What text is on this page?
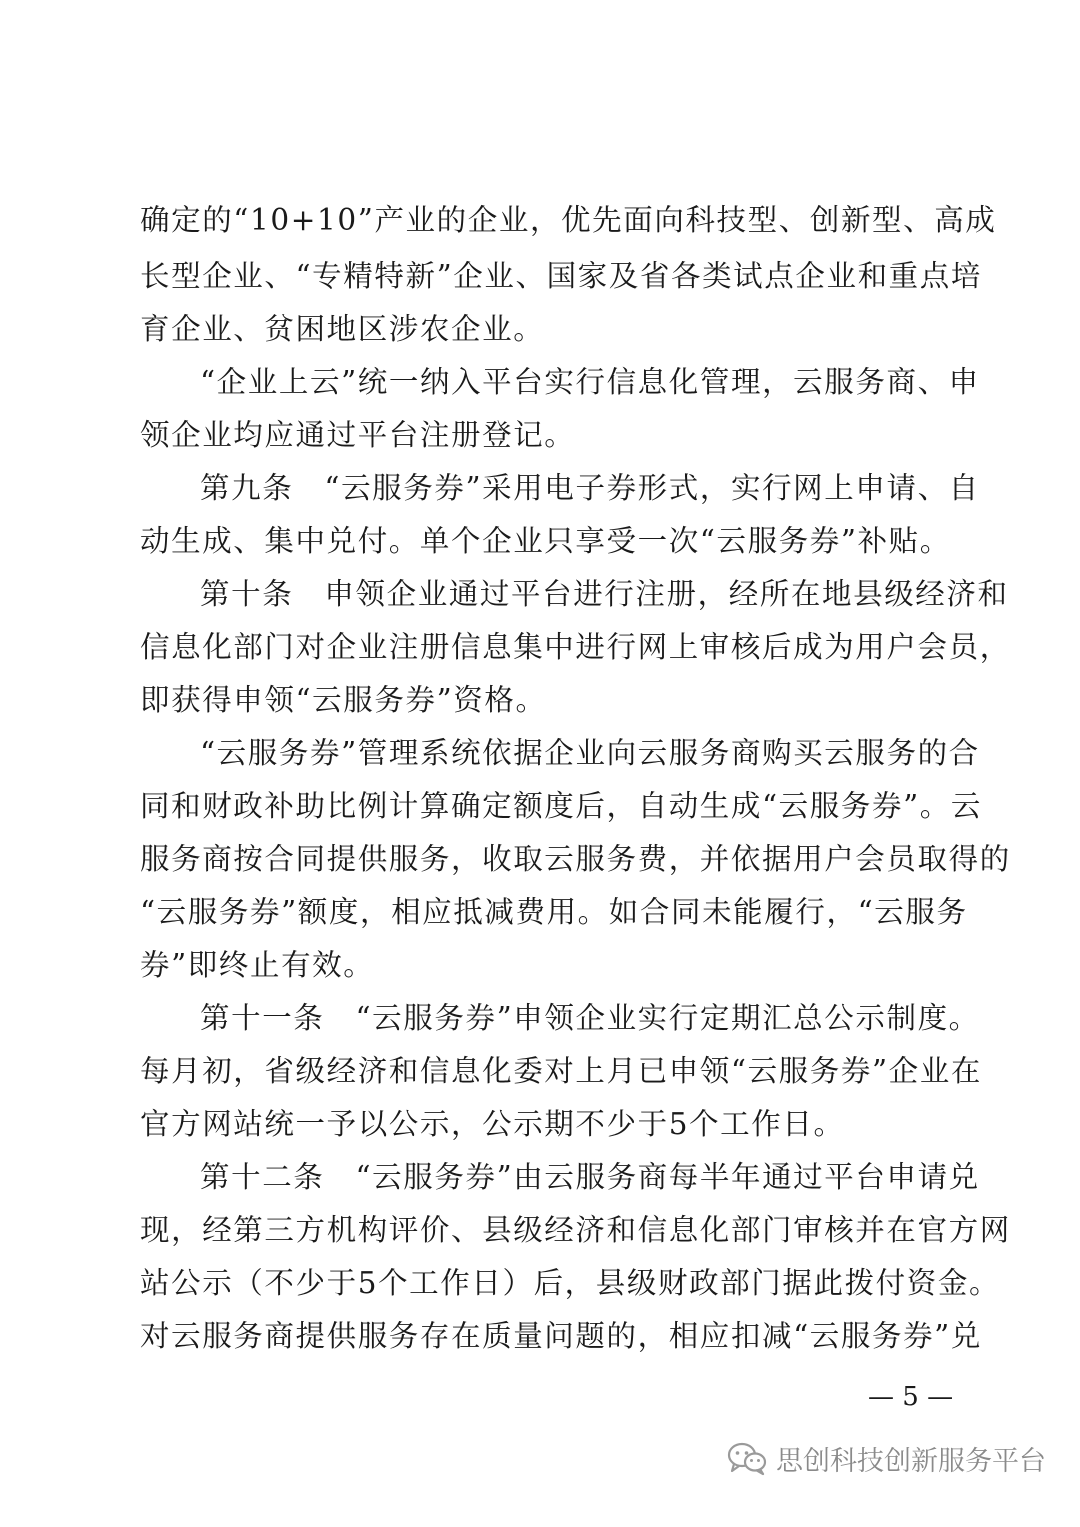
确定的“10+10”产业的企业，优先面向科技型、创新型、高成
长型企业、“专精特新”企业、国家及省各类试点企业和重点培
育企业、贫困地区涉农企业。
“企业上云”统一纳入平台实行信息化管理，云服务商、申
领企业均应通过平台注册登记。
第九条　“云服务券”采用电子券形式，实行网上申请、自
动生成、集中兑付。单个企业只享受一次“云服务券”补贴。
第十条　申领企业通过平台进行注册，经所在地县级经济和
信息化部门对企业注册信息集中进行网上审核后成为用户会员，
即获得申领“云服务券”资格。
“云服务券”管理系统依据企业向云服务商购买云服务的合
同和财政补助比例计算确定额度后，自动生成“云服务券”。云
服务商按合同提供服务，收取云服务费，并依据用户会员取得的
“云服务券”额度，相应抵减费用。如合同未能履行，“云服务
券”即终止有效。
第十一条　“云服务券”申领企业实行定期汇总公示制度。
每月初，省级经济和信息化委对上月已申领“云服务券”企业在
官方网站统一予以公示，公示期不少于5个工作日。
第十二条　“云服务券”由云服务商每半年通过平台申请兑
现，经第三方机构评价、县级经济和信息化部门审核并在官方网
站公示（不少于5个工作日）后，县级财政部门据此拨付资金。
对云服务商提供服务存在质量问题的，相应扣减“云服务券”兑
— 5 —
思创科技创新服务平台
